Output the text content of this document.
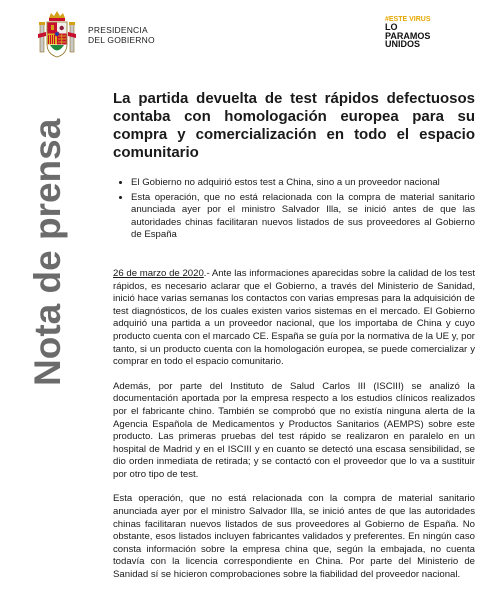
PRESIDENCIA
DEL GOBIERNO
#ESTE VIRUS
LO
PARAMOS
UNIDOS
Nota de prensa
La partida devuelta de test rápidos defectuosos contaba con homologación europea para su compra y comercialización en todo el espacio comunitario
• El Gobierno no adquirió estos test a China, sino a un proveedor nacional
• Esta operación, que no está relacionada con la compra de material sanitario anunciada ayer por el ministro Salvador Illa, se inició antes de que las autoridades chinas facilitaran nuevos listados de sus proveedores al Gobierno de España

26 de marzo de 2020.- Ante las informaciones aparecidas sobre la calidad de los test rápidos, es necesario aclarar que el Gobierno, a través del Ministerio de Sanidad, inició hace varias semanas los contactos con varias empresas para la adquisición de test diagnósticos, de los cuales existen varios sistemas en el mercado. El Gobierno adquirió una partida a un proveedor nacional, que los importaba de China y cuyo producto cuenta con el marcado CE. España se guía por la normativa de la UE y, por tanto, si un producto cuenta con la homologación europea, se puede comercializar y comprar en todo el espacio comunitario.

Además, por parte del Instituto de Salud Carlos III (ISCIII) se analizó la documentación aportada por la empresa respecto a los estudios clínicos realizados por el fabricante chino. También se comprobó que no existía ninguna alerta de la Agencia Española de Medicamentos y Productos Sanitarios (AEMPS) sobre este producto. Las primeras pruebas del test rápido se realizaron en paralelo en un hospital de Madrid y en el ISCIII y en cuanto se detectó una escasa sensibilidad, se dio orden inmediata de retirada; y se contactó con el proveedor que lo va a sustituir por otro tipo de test.

Esta operación, que no está relacionada con la compra de material sanitario anunciada ayer por el ministro Salvador Illa, se inició antes de que las autoridades chinas facilitaran nuevos listados de sus proveedores al Gobierno de España. No obstante, esos listados incluyen fabricantes validados y preferentes. En ningún caso consta información sobre la empresa china que, según la embajada, no cuenta todavía con la licencia correspondiente en China. Por parte del Ministerio de Sanidad sí se hicieron comprobaciones sobre la fiabilidad del proveedor nacional.
